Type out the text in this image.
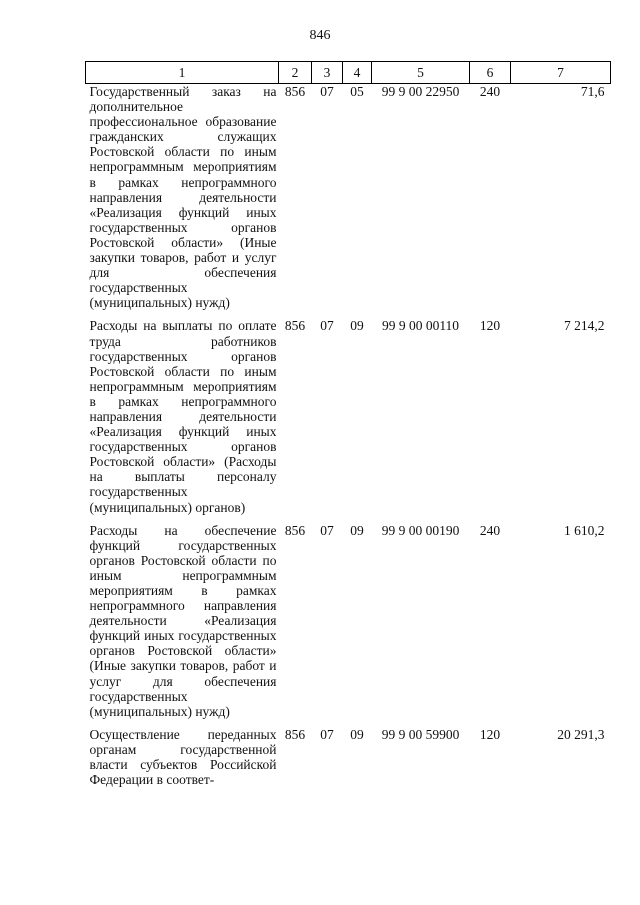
846
1	2	3	4	5	6	7
Государственный заказ на дополнительное профессиональное образование гражданских служащих Ростовской области по иным непрограммным мероприятиям в рамках непрограммного направления деятельности «Реализация функций иных государственных органов Ростовской области» (Иные закупки товаров, работ и услуг для обеспечения государственных (муниципальных) нужд)	856	07	05	99 9 00 22950	240	71,6
Расходы на выплаты по оплате труда работников государственных органов Ростовской области по иным непрограммным мероприятиям в рамках непрограммного направления деятельности «Реализация функций иных государственных органов Ростовской области» (Расходы на выплаты персоналу государственных (муниципальных) органов)	856	07	09	99 9 00 00110	120	7 214,2
Расходы на обеспечение функций государственных органов Ростовской области по иным непрограммным мероприятиям в рамках непрограммного направления деятельности «Реализация функций иных государственных органов Ростовской области» (Иные закупки товаров, работ и услуг для обеспечения государственных (муниципальных) нужд)	856	07	09	99 9 00 00190	240	1 610,2
Осуществление переданных органам государственной власти субъектов Российской Федерации в соответ-	856	07	09	99 9 00 59900	120	20 291,3
